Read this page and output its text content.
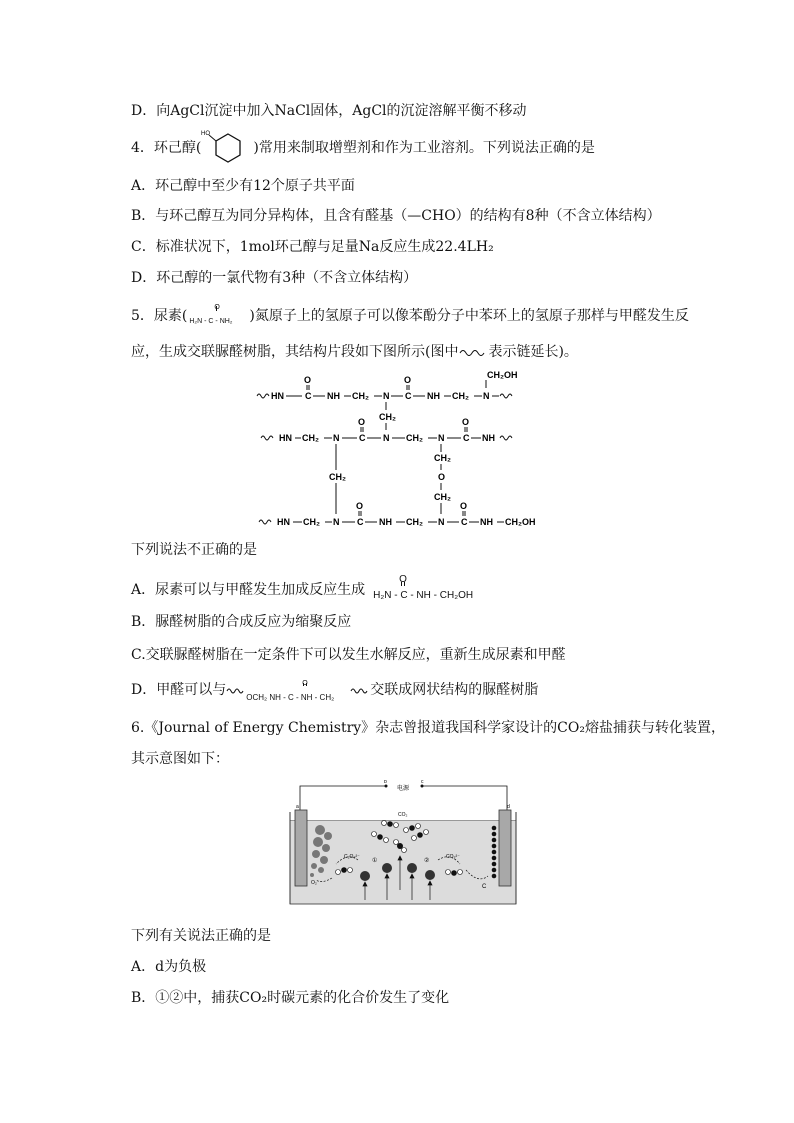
D．向AgCl沉淀中加入NaCl固体，AgCl的沉淀溶解平衡不移动
4．环己醇(
HO
)常用来制取增塑剂和作为工业溶剂。下列说法正确的是
A．环己醇中至少有12个原子共平面
B．与环己醇互为同分异构体，且含有醛基（—CHO）的结构有8种（不含立体结构）
C．标准状况下，1mol环己醇与足量Na反应生成22.4LH₂
D．环己醇的一氯代物有3种（不含立体结构）
5．尿素(
O
H₂N - C - NH₂ )氮原子上的氢原子可以像苯酚分子中苯环上的氢原子那样与甲醛发生反
应，生成交联脲醛树脂，其结构片段如下图所示(图中 表示链延长)。
HN C
O
NH CH₂ N C
O
NH CH₂ N
CH₂OH
CH₂
HN CH₂ N C
O
N CH₂ N C
O
NH
CH₂
CH₂
O
CH₂
HN CH₂ N C
O
NH CH₂ N C
O
NH CH₂OH
下列说法不正确的是
A．尿素可以与甲醛发生加成反应生成
O
H₂N - C - NH - CH₂OH
B．脲醛树脂的合成反应为缩聚反应
C.交联脲醛树脂在一定条件下可以发生水解反应，重新生成尿素和甲醛
D．甲醛可以与	O
OCH₂ NH - C - NH - CH₂	交联成网状结构的脲醛树脂
6.《Journal of Energy Chemistry》杂志曾报道我国科学家设计的CO₂熔盐捕获与转化装置，
其示意图如下：
b	c
电源
a	d
O₂
C
CO₂
C₂O₅²⁻	CO₃²⁻
①	②
下列有关说法正确的是
A．d为负极
B．①②中，捕获CO₂时碳元素的化合价发生了变化
